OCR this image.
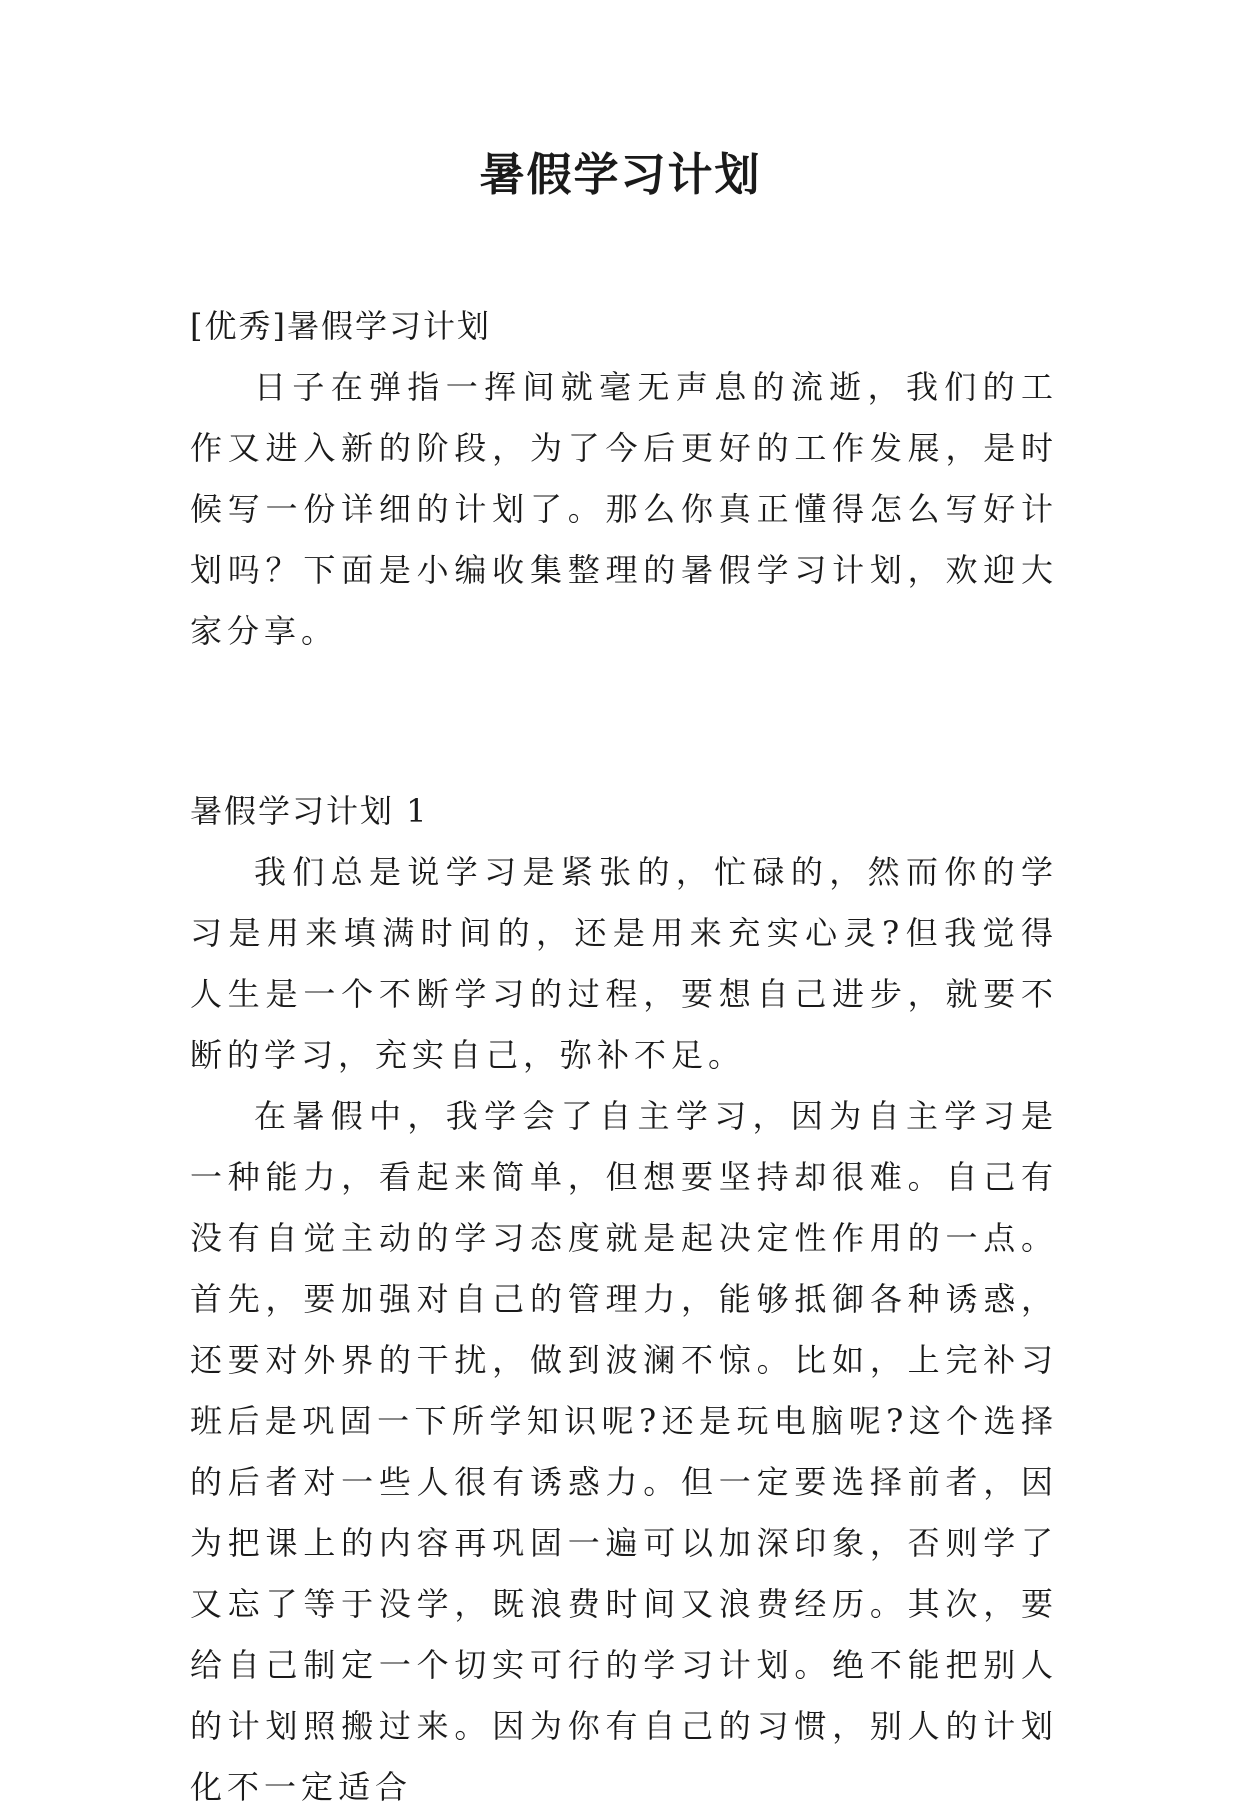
暑假学习计划

[优秀]暑假学习计划

日子在弹指一挥间就毫无声息的流逝，我们的工作又进入新的阶段，为了今后更好的工作发展，是时候写一份详细的计划了。那么你真正懂得怎么写好计划吗？下面是小编收集整理的暑假学习计划，欢迎大家分享。

暑假学习计划 1

我们总是说学习是紧张的，忙碌的，然而你的学习是用来填满时间的，还是用来充实心灵?但我觉得人生是一个不断学习的过程，要想自己进步，就要不断的学习，充实自己，弥补不足。

在暑假中，我学会了自主学习，因为自主学习是一种能力，看起来简单，但想要坚持却很难。自己有没有自觉主动的学习态度就是起决定性作用的一点。首先，要加强对自己的管理力，能够抵御各种诱惑，还要对外界的干扰，做到波澜不惊。比如，上完补习班后是巩固一下所学知识呢?还是玩电脑呢?这个选择的后者对一些人很有诱惑力。但一定要选择前者，因为把课上的内容再巩固一遍可以加深印象，否则学了又忘了等于没学，既浪费时间又浪费经历。其次，要给自己制定一个切实可行的学习计划。绝不能把别人的计划照搬过来。因为你有自己的习惯，别人的计划化不一定适合
